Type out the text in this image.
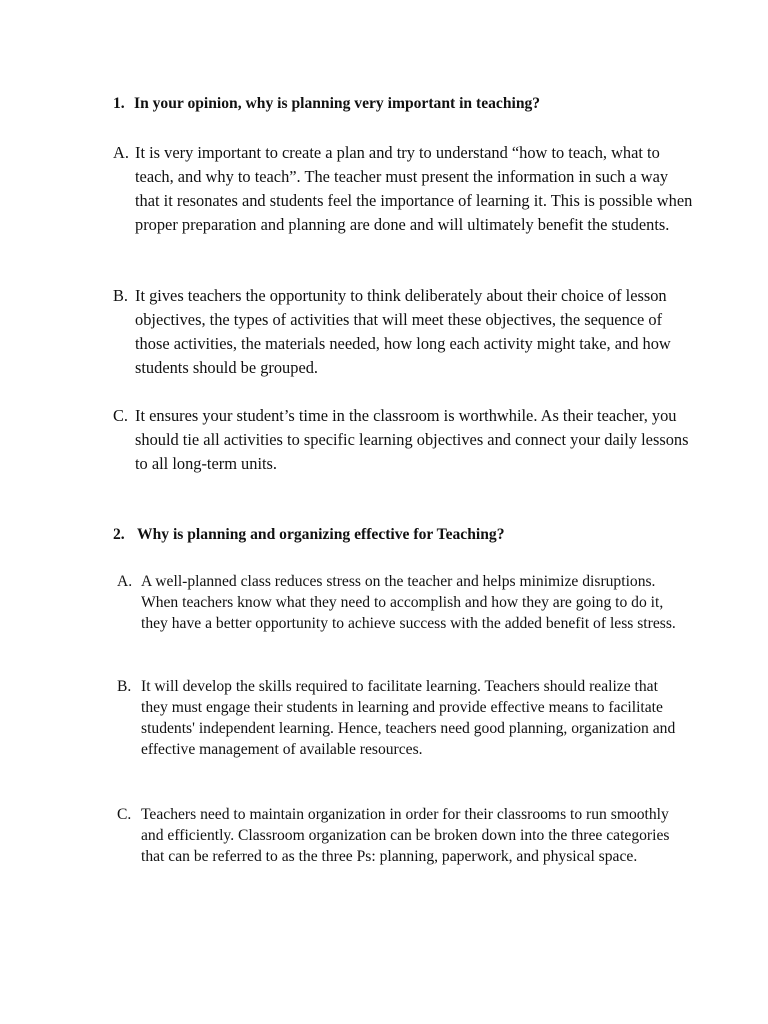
1. In your opinion, why is planning very important in teaching?
A. It is very important to create a plan and try to understand “how to teach, what to teach, and why to teach”. The teacher must present the information in such a way that it resonates and students feel the importance of learning it. This is possible when proper preparation and planning are done and will ultimately benefit the students.
B. It gives teachers the opportunity to think deliberately about their choice of lesson objectives, the types of activities that will meet these objectives, the sequence of those activities, the materials needed, how long each activity might take, and how students should be grouped.
C. It ensures your student’s time in the classroom is worthwhile. As their teacher, you should tie all activities to specific learning objectives and connect your daily lessons to all long-term units.
2. Why is planning and organizing effective for Teaching?
A. A well-planned class reduces stress on the teacher and helps minimize disruptions. When teachers know what they need to accomplish and how they are going to do it, they have a better opportunity to achieve success with the added benefit of less stress.
B. It will develop the skills required to facilitate learning. Teachers should realize that they must engage their students in learning and provide effective means to facilitate students' independent learning. Hence, teachers need good planning, organization and effective management of available resources.
C. Teachers need to maintain organization in order for their classrooms to run smoothly and efficiently. Classroom organization can be broken down into the three categories that can be referred to as the three Ps: planning, paperwork, and physical space.
